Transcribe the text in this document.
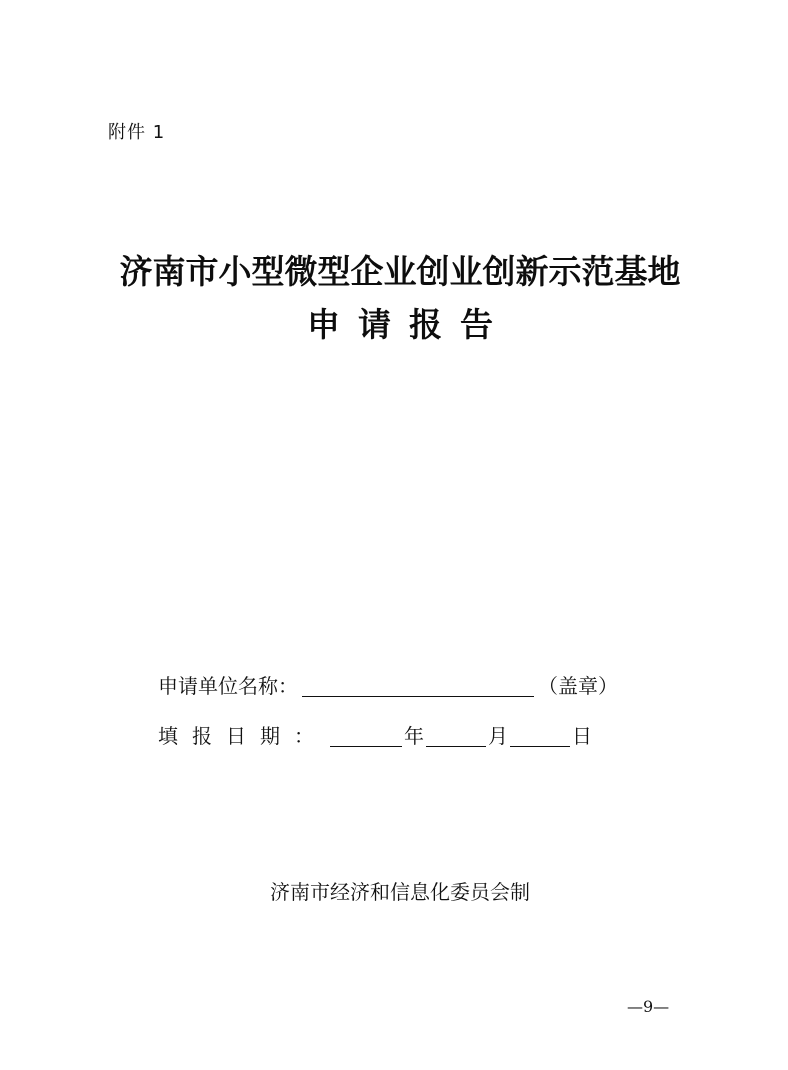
附件 1
济南市小型微型企业创业创新示范基地
申请报告
申请单位名称：	（盖章）
填报日期：	年	月	日
济南市经济和信息化委员会制
—9—
